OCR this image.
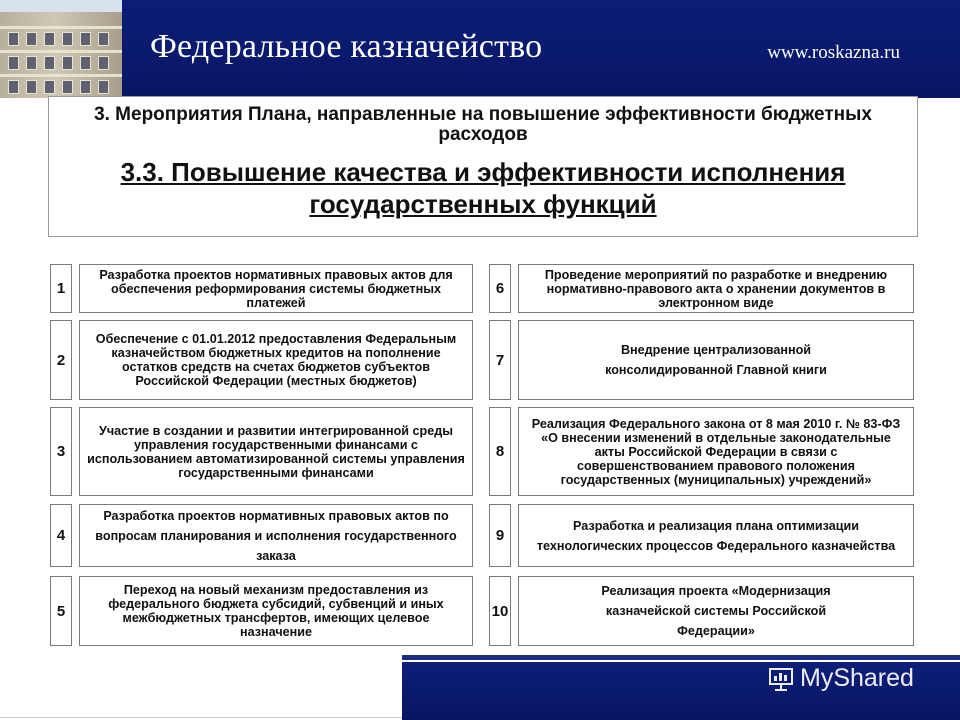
Федеральное казначейство	www.roskazna.ru
3. Мероприятия Плана, направленные на повышение эффективности бюджетных расходов
3.3. Повышение качества и эффективности исполнения государственных функций
1
Разработка проектов нормативных правовых актов для обеспечения реформирования системы бюджетных платежей
2
Обеспечение с 01.01.2012 предоставления Федеральным казначейством бюджетных кредитов на пополнение остатков средств на счетах бюджетов субъектов Российской Федерации (местных бюджетов)
3
Участие в создании и развитии интегрированной среды управления государственными финансами с использованием автоматизированной системы управления государственными финансами
4
Разработка проектов нормативных правовых актов по вопросам планирования и исполнения государственного заказа
5
Переход на новый механизм предоставления из федерального бюджета субсидий, субвенций и иных межбюджетных трансфертов, имеющих целевое назначение
6
Проведение мероприятий по разработке и внедрению нормативно-правового акта о хранении документов в электронном виде
7
Внедрение централизованной консолидированной Главной книги
8
Реализация Федерального закона от 8 мая 2010 г. № 83-ФЗ «О внесении изменений в отдельные законодательные акты Российской Федерации в связи с совершенствованием правового положения государственных (муниципальных) учреждений»
9
Разработка и реализация плана оптимизации технологических процессов Федерального казначейства
10
Реализация проекта «Модернизация казначейской системы Российской Федерации»
MyShared
